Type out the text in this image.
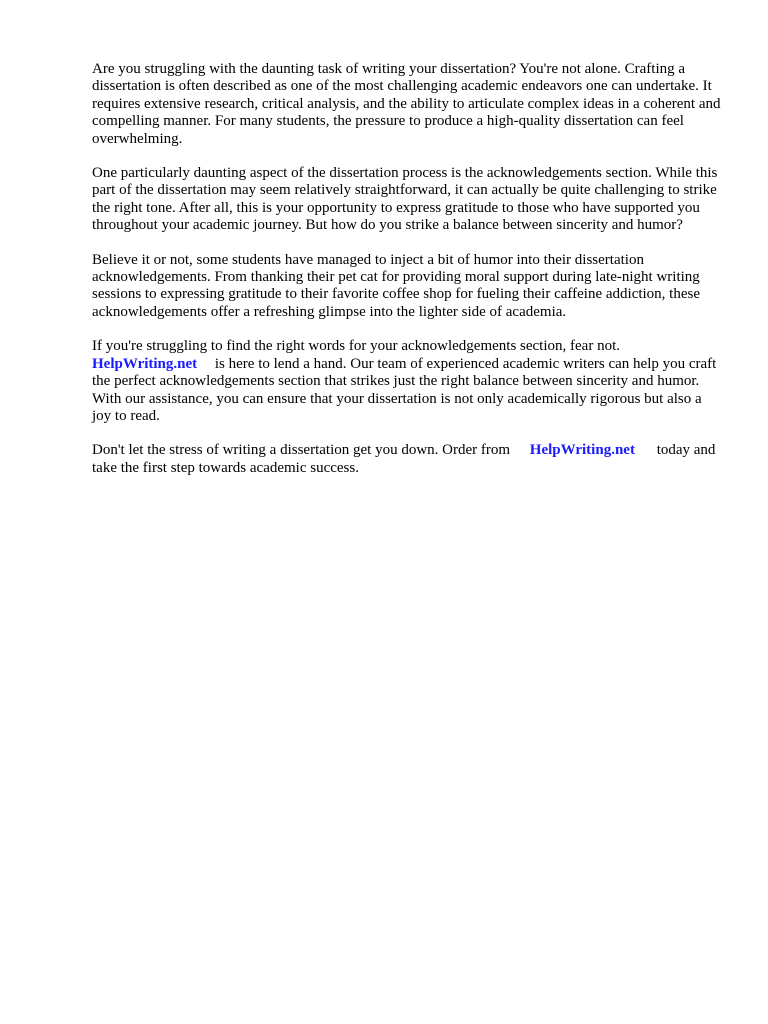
Are you struggling with the daunting task of writing your dissertation? You're not alone. Crafting a dissertation is often described as one of the most challenging academic endeavors one can undertake. It requires extensive research, critical analysis, and the ability to articulate complex ideas in a coherent and compelling manner. For many students, the pressure to produce a high-quality dissertation can feel overwhelming.

One particularly daunting aspect of the dissertation process is the acknowledgements section. While this part of the dissertation may seem relatively straightforward, it can actually be quite challenging to strike the right tone. After all, this is your opportunity to express gratitude to those who have supported you throughout your academic journey. But how do you strike a balance between sincerity and humor?

Believe it or not, some students have managed to inject a bit of humor into their dissertation acknowledgements. From thanking their pet cat for providing moral support during late-night writing sessions to expressing gratitude to their favorite coffee shop for fueling their caffeine addiction, these acknowledgements offer a refreshing glimpse into the lighter side of academia.

If you're struggling to find the right words for your acknowledgements section, fear not.
HelpWriting.net is here to lend a hand. Our team of experienced academic writers can help you craft the perfect acknowledgements section that strikes just the right balance between sincerity and humor. With our assistance, you can ensure that your dissertation is not only academically rigorous but also a joy to read.

Don't let the stress of writing a dissertation get you down. Order from HelpWriting.net today and take the first step towards academic success.
